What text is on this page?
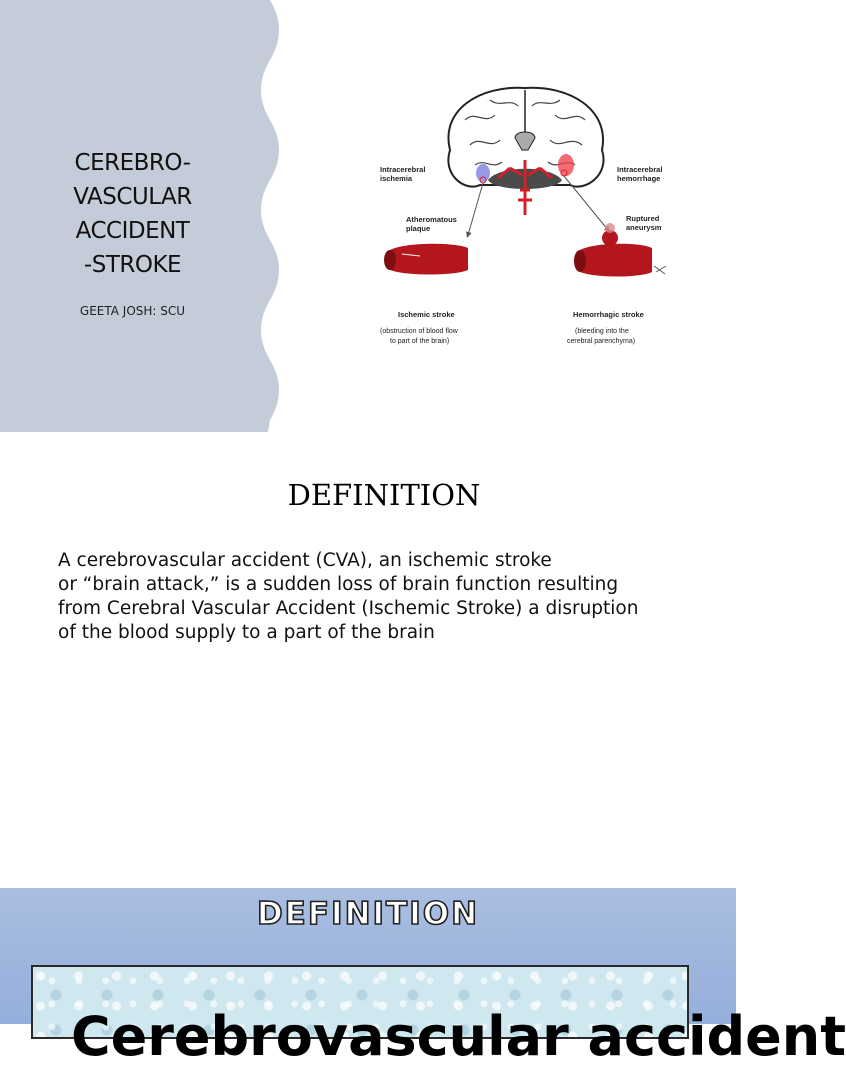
CEREBRO-
VASCULAR
ACCIDENT
-STROKE
GEETA JOSH: SCU
Intracerebral
ischemia
Intracerebral
hemorrhage
Atheromatous
plaque
Ruptured
aneurysm
Ischemic stroke
(obstruction of blood flow
to part of the brain)
Hemorrhagic stroke
(bleeding into the
cerebral parenchyma)
DEFINITION
A cerebrovascular accident (CVA), an ischemic stroke
or “brain attack,” is a sudden loss of brain function resulting
from Cerebral Vascular Accident (Ischemic Stroke) a disruption
of the blood supply to a part of the brain
DEFINITION
Cerebrovascular accident
